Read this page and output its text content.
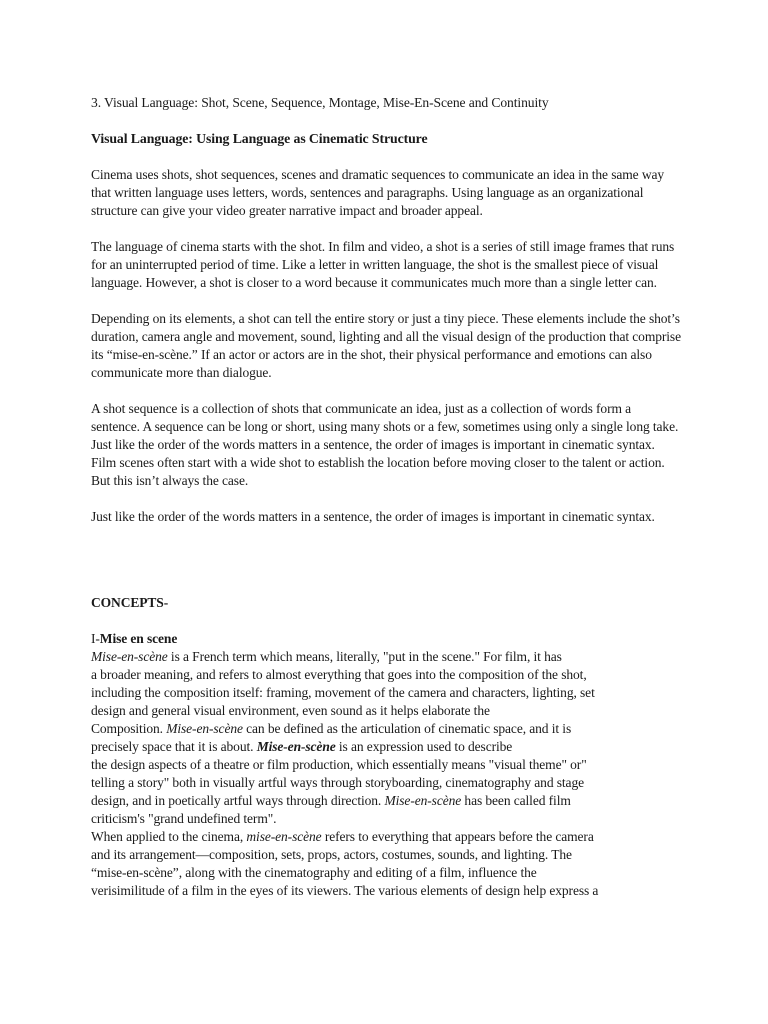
3. Visual Language: Shot, Scene, Sequence, Montage, Mise-En-Scene and Continuity

Visual Language: Using Language as Cinematic Structure

Cinema uses shots, shot sequences, scenes and dramatic sequences to communicate an idea in the same way that written language uses letters, words, sentences and paragraphs. Using language as an organizational structure can give your video greater narrative impact and broader appeal.

The language of cinema starts with the shot. In film and video, a shot is a series of still image frames that runs for an uninterrupted period of time. Like a letter in written language, the shot is the smallest piece of visual language. However, a shot is closer to a word because it communicates much more than a single letter can.

Depending on its elements, a shot can tell the entire story or just a tiny piece. These elements include the shot’s duration, camera angle and movement, sound, lighting and all the visual design of the production that comprise its “mise-en-scène.” If an actor or actors are in the shot, their physical performance and emotions can also communicate more than dialogue.

A shot sequence is a collection of shots that communicate an idea, just as a collection of words form a sentence. A sequence can be long or short, using many shots or a few, sometimes using only a single long take. Just like the order of the words matters in a sentence, the order of images is important in cinematic syntax. Film scenes often start with a wide shot to establish the location before moving closer to the talent or action. But this isn’t always the case.

Just like the order of the words matters in a sentence, the order of images is important in cinematic syntax.

CONCEPTS-

I-Mise en scene

Mise-en-scène is a French term which means, literally, "put in the scene." For film, it has

a broader meaning, and refers to almost everything that goes into the composition of the shot,

including the composition itself: framing, movement of the camera and characters, lighting, set

design and general visual environment, even sound as it helps elaborate the

Composition. Mise-en-scène can be defined as the articulation of cinematic space, and it is

precisely space that it is about. Mise-en-scène is an expression used to describe

the design aspects of a theatre or film production, which essentially means "visual theme" or"

telling a story" both in visually artful ways through storyboarding, cinematography and stage

design, and in poetically artful ways through direction. Mise-en-scène has been called film

criticism's "grand undefined term".

When applied to the cinema, mise-en-scène refers to everything that appears before the camera

and its arrangement—composition, sets, props, actors, costumes, sounds, and lighting. The

“mise-en-scène”, along with the cinematography and editing of a film, influence the

verisimilitude of a film in the eyes of its viewers. The various elements of design help express a
